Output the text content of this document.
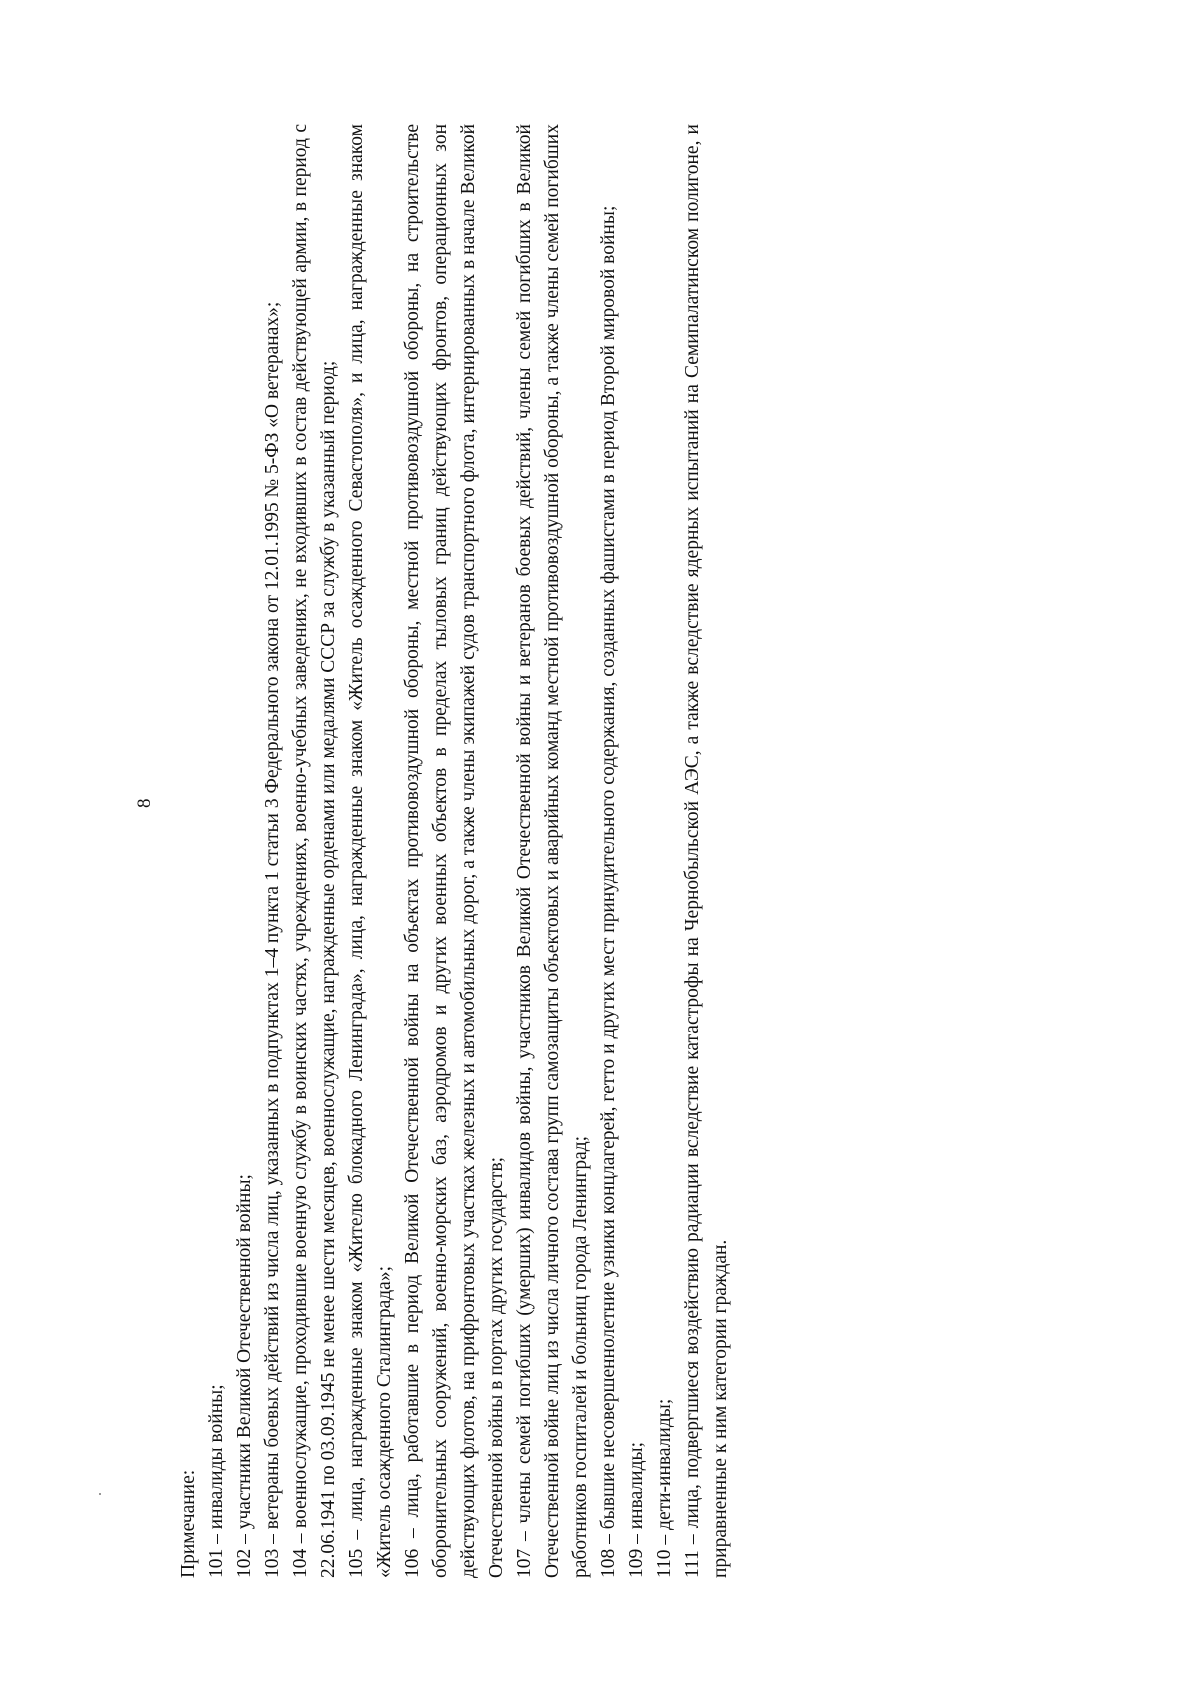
8

Примечание: 101 – инвалиды войны; 102 – участники Великой Отечественной войны; 103 – ветераны боевых действий из числа лиц, указанных в подпунктах 1–4 пункта 1 статьи 3 Федерального закона от 12.01.1995 № 5-ФЗ «О ветеранах»; 104 – военнослужащие, проходившие военную службу в воинских частях, учреждениях, военно-учебных заведениях, не входивших в состав действующей армии, в период с 22.06.1941 по 03.09.1945 не менее шести месяцев, военнослужащие, награжденные орденами или медалями СССР за службу в указанный период; 105 – лица, награжденные знаком «Жителю блокадного Ленинграда», лица, награжденные знаком «Житель осажденного Севастополя», и лица, награжденные знаком «Житель осажденного Сталинграда»; 106 – лица, работавшие в период Великой Отечественной войны на объектах противовоздушной обороны, местной противовоздушной обороны, на строительстве оборонительных сооружений, военно-морских баз, аэродромов и других военных объектов в пределах тыловых границ действующих фронтов, операционных зон действующих флотов, на прифронтовых участках железных и автомобильных дорог, а также члены экипажей судов транспортного флота, интернированных в начале Великой Отечественной войны в портах других государств; 107 – члены семей погибших (умерших) инвалидов войны, участников Великой Отечественной войны и ветеранов боевых действий, члены семей погибших в Великой Отечественной войне лиц из числа личного состава групп самозащиты объектовых и аварийных команд местной противовоздушной обороны, а также члены семей погибших работников госпиталей и больниц города Ленинград; 108 – бывшие несовершеннолетние узники концлагерей, гетто и других мест принудительного содержания, созданных фашистами в период Второй мировой войны; 109 – инвалиды; 110 – дети-инвалиды; 111 – лица, подвергшиеся воздействию радиации вследствие катастрофы на Чернобыльской АЭС, а также вследствие ядерных испытаний на Семипалатинском полигоне, и приравненные к ним категории граждан.
